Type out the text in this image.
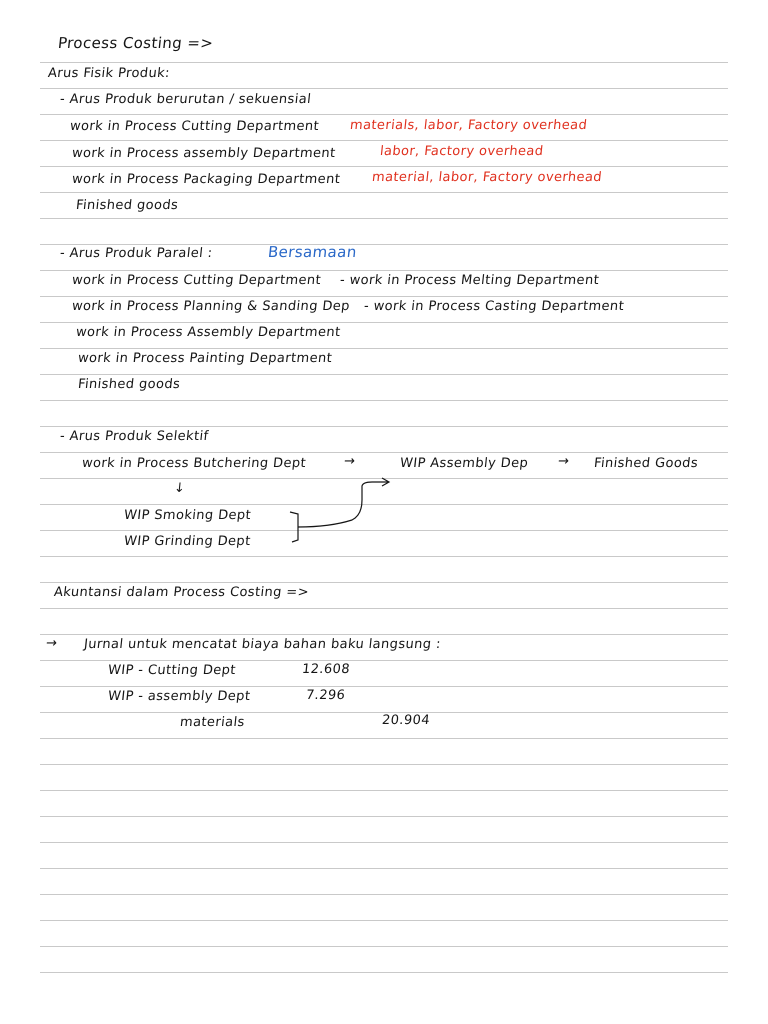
Process Costing =>
Arus Fisik Produk:
- Arus Produk berurutan / sekuensial
work in Process Cutting Department materials, labor, Factory overhead
work in Process assembly Department	labor, Factory overhead
work in Process Packaging Department material, labor, Factory overhead
Finished goods
- Arus Produk Paralel :	Bersamaan
work in Process Cutting Department - work in Process Melting Department
work in Process Planning & Sanding Dep - work in Process Casting Department
work in Process Assembly Department
work in Process Painting Department
Finished goods
- Arus Produk Selektif
work in Process Butchering Dept	→	WIP Assembly Dep → Finished Goods
↓
WIP Smoking Dept
WIP Grinding Dept
Akuntansi dalam Process Costing =>
→ Jurnal untuk mencatat biaya bahan baku langsung :
WIP - Cutting Dept	12.608
WIP - assembly Dept	7.296
materials	20.904
